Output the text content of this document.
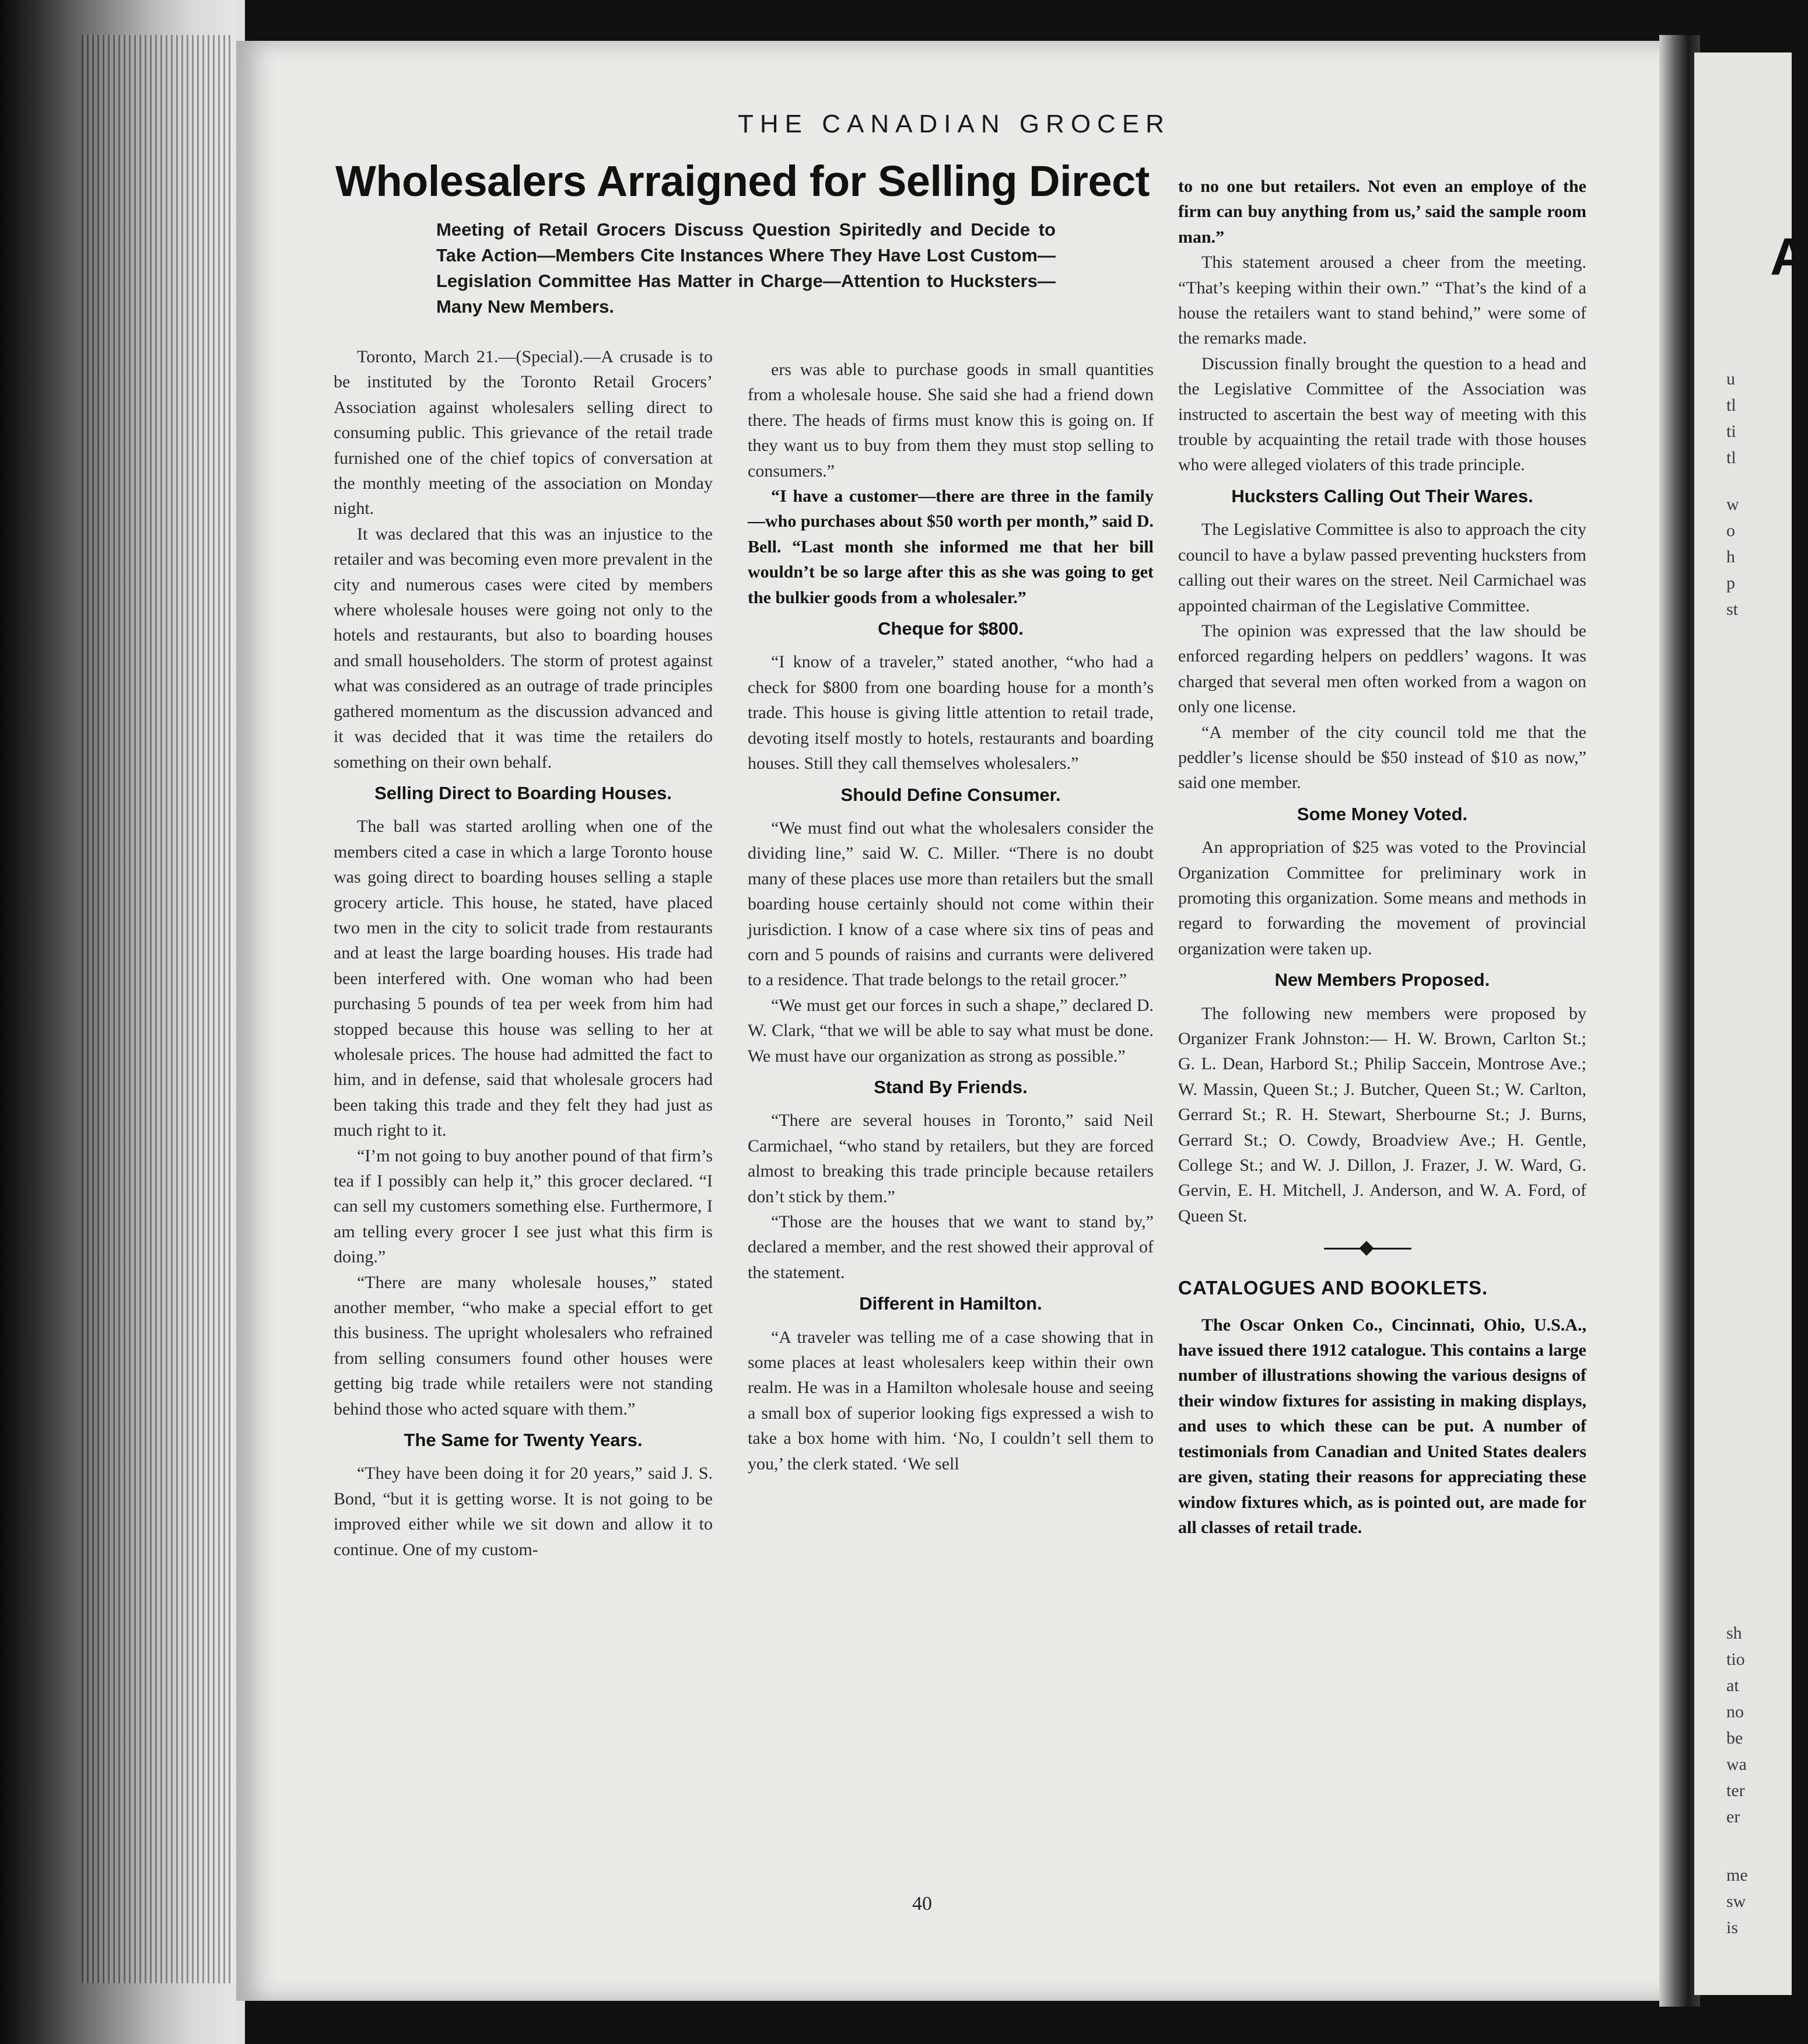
A
u
tl
ti
tl
w
o
h
p
st
sh
tio
at
no
be
wa
ter
er
me
sw
is
THE CANADIAN GROCER
Wholesalers Arraigned for Selling Direct
Meeting of Retail Grocers Discuss Question Spiritedly and Decide to Take Action—Members Cite Instances Where They Have Lost Custom—Legislation Committee Has Matter in Charge—Attention to Hucksters—Many New Members.

Toronto, March 21.—(Special).—A crusade is to be instituted by the Toronto Retail Grocers’ Association against wholesalers selling direct to consuming public. This grievance of the retail trade furnished one of the chief topics of conversation at the monthly meeting of the association on Monday night.

It was declared that this was an injustice to the retailer and was becoming even more prevalent in the city and numerous cases were cited by members where wholesale houses were going not only to the hotels and restaurants, but also to boarding houses and small householders. The storm of protest against what was considered as an outrage of trade principles gathered momentum as the discussion advanced and it was decided that it was time the retailers do something on their own behalf.

Selling Direct to Boarding Houses.

The ball was started arolling when one of the members cited a case in which a large Toronto house was going direct to boarding houses selling a staple grocery article. This house, he stated, have placed two men in the city to solicit trade from restaurants and at least the large boarding houses. His trade had been interfered with. One woman who had been purchasing 5 pounds of tea per week from him had stopped because this house was selling to her at wholesale prices. The house had admitted the fact to him, and in defense, said that wholesale grocers had been taking this trade and they felt they had just as much right to it.

“I’m not going to buy another pound of that firm’s tea if I possibly can help it,” this grocer declared. “I can sell my customers something else. Furthermore, I am telling every grocer I see just what this firm is doing.”

“There are many wholesale houses,” stated another member, “who make a special effort to get this business. The upright wholesalers who refrained from selling consumers found other houses were getting big trade while retailers were not standing behind those who acted square with them.”

The Same for Twenty Years.

“They have been doing it for 20 years,” said J. S. Bond, “but it is getting worse. It is not going to be improved either while we sit down and allow it to continue. One of my custom-

ers was able to purchase goods in small quantities from a wholesale house. She said she had a friend down there. The heads of firms must know this is going on. If they want us to buy from them they must stop selling to consumers.”

“I have a customer—there are three in the family—who purchases about $50 worth per month,” said D. Bell. “Last month she informed me that her bill wouldn’t be so large after this as she was going to get the bulkier goods from a wholesaler.”

Cheque for $800.

“I know of a traveler,” stated another, “who had a check for $800 from one boarding house for a month’s trade. This house is giving little attention to retail trade, devoting itself mostly to hotels, restaurants and boarding houses. Still they call themselves wholesalers.”

Should Define Consumer.

“We must find out what the wholesalers consider the dividing line,” said W. C. Miller. “There is no doubt many of these places use more than retailers but the small boarding house certainly should not come within their jurisdiction. I know of a case where six tins of peas and corn and 5 pounds of raisins and currants were delivered to a residence. That trade belongs to the retail grocer.”

“We must get our forces in such a shape,” declared D. W. Clark, “that we will be able to say what must be done. We must have our organization as strong as possible.”

Stand By Friends.

“There are several houses in Toronto,” said Neil Carmichael, “who stand by retailers, but they are forced almost to breaking this trade principle because retailers don’t stick by them.”

“Those are the houses that we want to stand by,” declared a member, and the rest showed their approval of the statement.

Different in Hamilton.

“A traveler was telling me of a case showing that in some places at least wholesalers keep within their own realm. He was in a Hamilton wholesale house and seeing a small box of superior looking figs expressed a wish to take a box home with him. ‘No, I couldn’t sell them to you,’ the clerk stated. ‘We sell

to no one but retailers. Not even an employe of the firm can buy anything from us,’ said the sample room man.”

This statement aroused a cheer from the meeting. “That’s keeping within their own.” “That’s the kind of a house the retailers want to stand behind,” were some of the remarks made.

Discussion finally brought the question to a head and the Legislative Committee of the Association was instructed to ascertain the best way of meeting with this trouble by acquainting the retail trade with those houses who were alleged violaters of this trade principle.

Hucksters Calling Out Their Wares.

The Legislative Committee is also to approach the city council to have a bylaw passed preventing hucksters from calling out their wares on the street. Neil Carmichael was appointed chairman of the Legislative Committee.

The opinion was expressed that the law should be enforced regarding helpers on peddlers’ wagons. It was charged that several men often worked from a wagon on only one license.

“A member of the city council told me that the peddler’s license should be $50 instead of $10 as now,” said one member.

Some Money Voted.

An appropriation of $25 was voted to the Provincial Organization Committee for preliminary work in promoting this organization. Some means and methods in regard to forwarding the movement of provincial organization were taken up.

New Members Proposed.

The following new members were proposed by Organizer Frank Johnston:— H. W. Brown, Carlton St.; G. L. Dean, Harbord St.; Philip Saccein, Montrose Ave.; W. Massin, Queen St.; J. Butcher, Queen St.; W. Carlton, Gerrard St.; R. H. Stewart, Sherbourne St.; J. Burns, Gerrard St.; O. Cowdy, Broadview Ave.; H. Gentle, College St.; and W. J. Dillon, J. Frazer, J. W. Ward, G. Gervin, E. H. Mitchell, J. Anderson, and W. A. Ford, of Queen St.

CATALOGUES AND BOOKLETS.

The Oscar Onken Co., Cincinnati, Ohio, U.S.A., have issued there 1912 catalogue. This contains a large number of illustrations showing the various designs of their window fixtures for assisting in making displays, and uses to which these can be put. A number of testimonials from Canadian and United States dealers are given, stating their reasons for appreciating these window fixtures which, as is pointed out, are made for all classes of retail trade.

40
